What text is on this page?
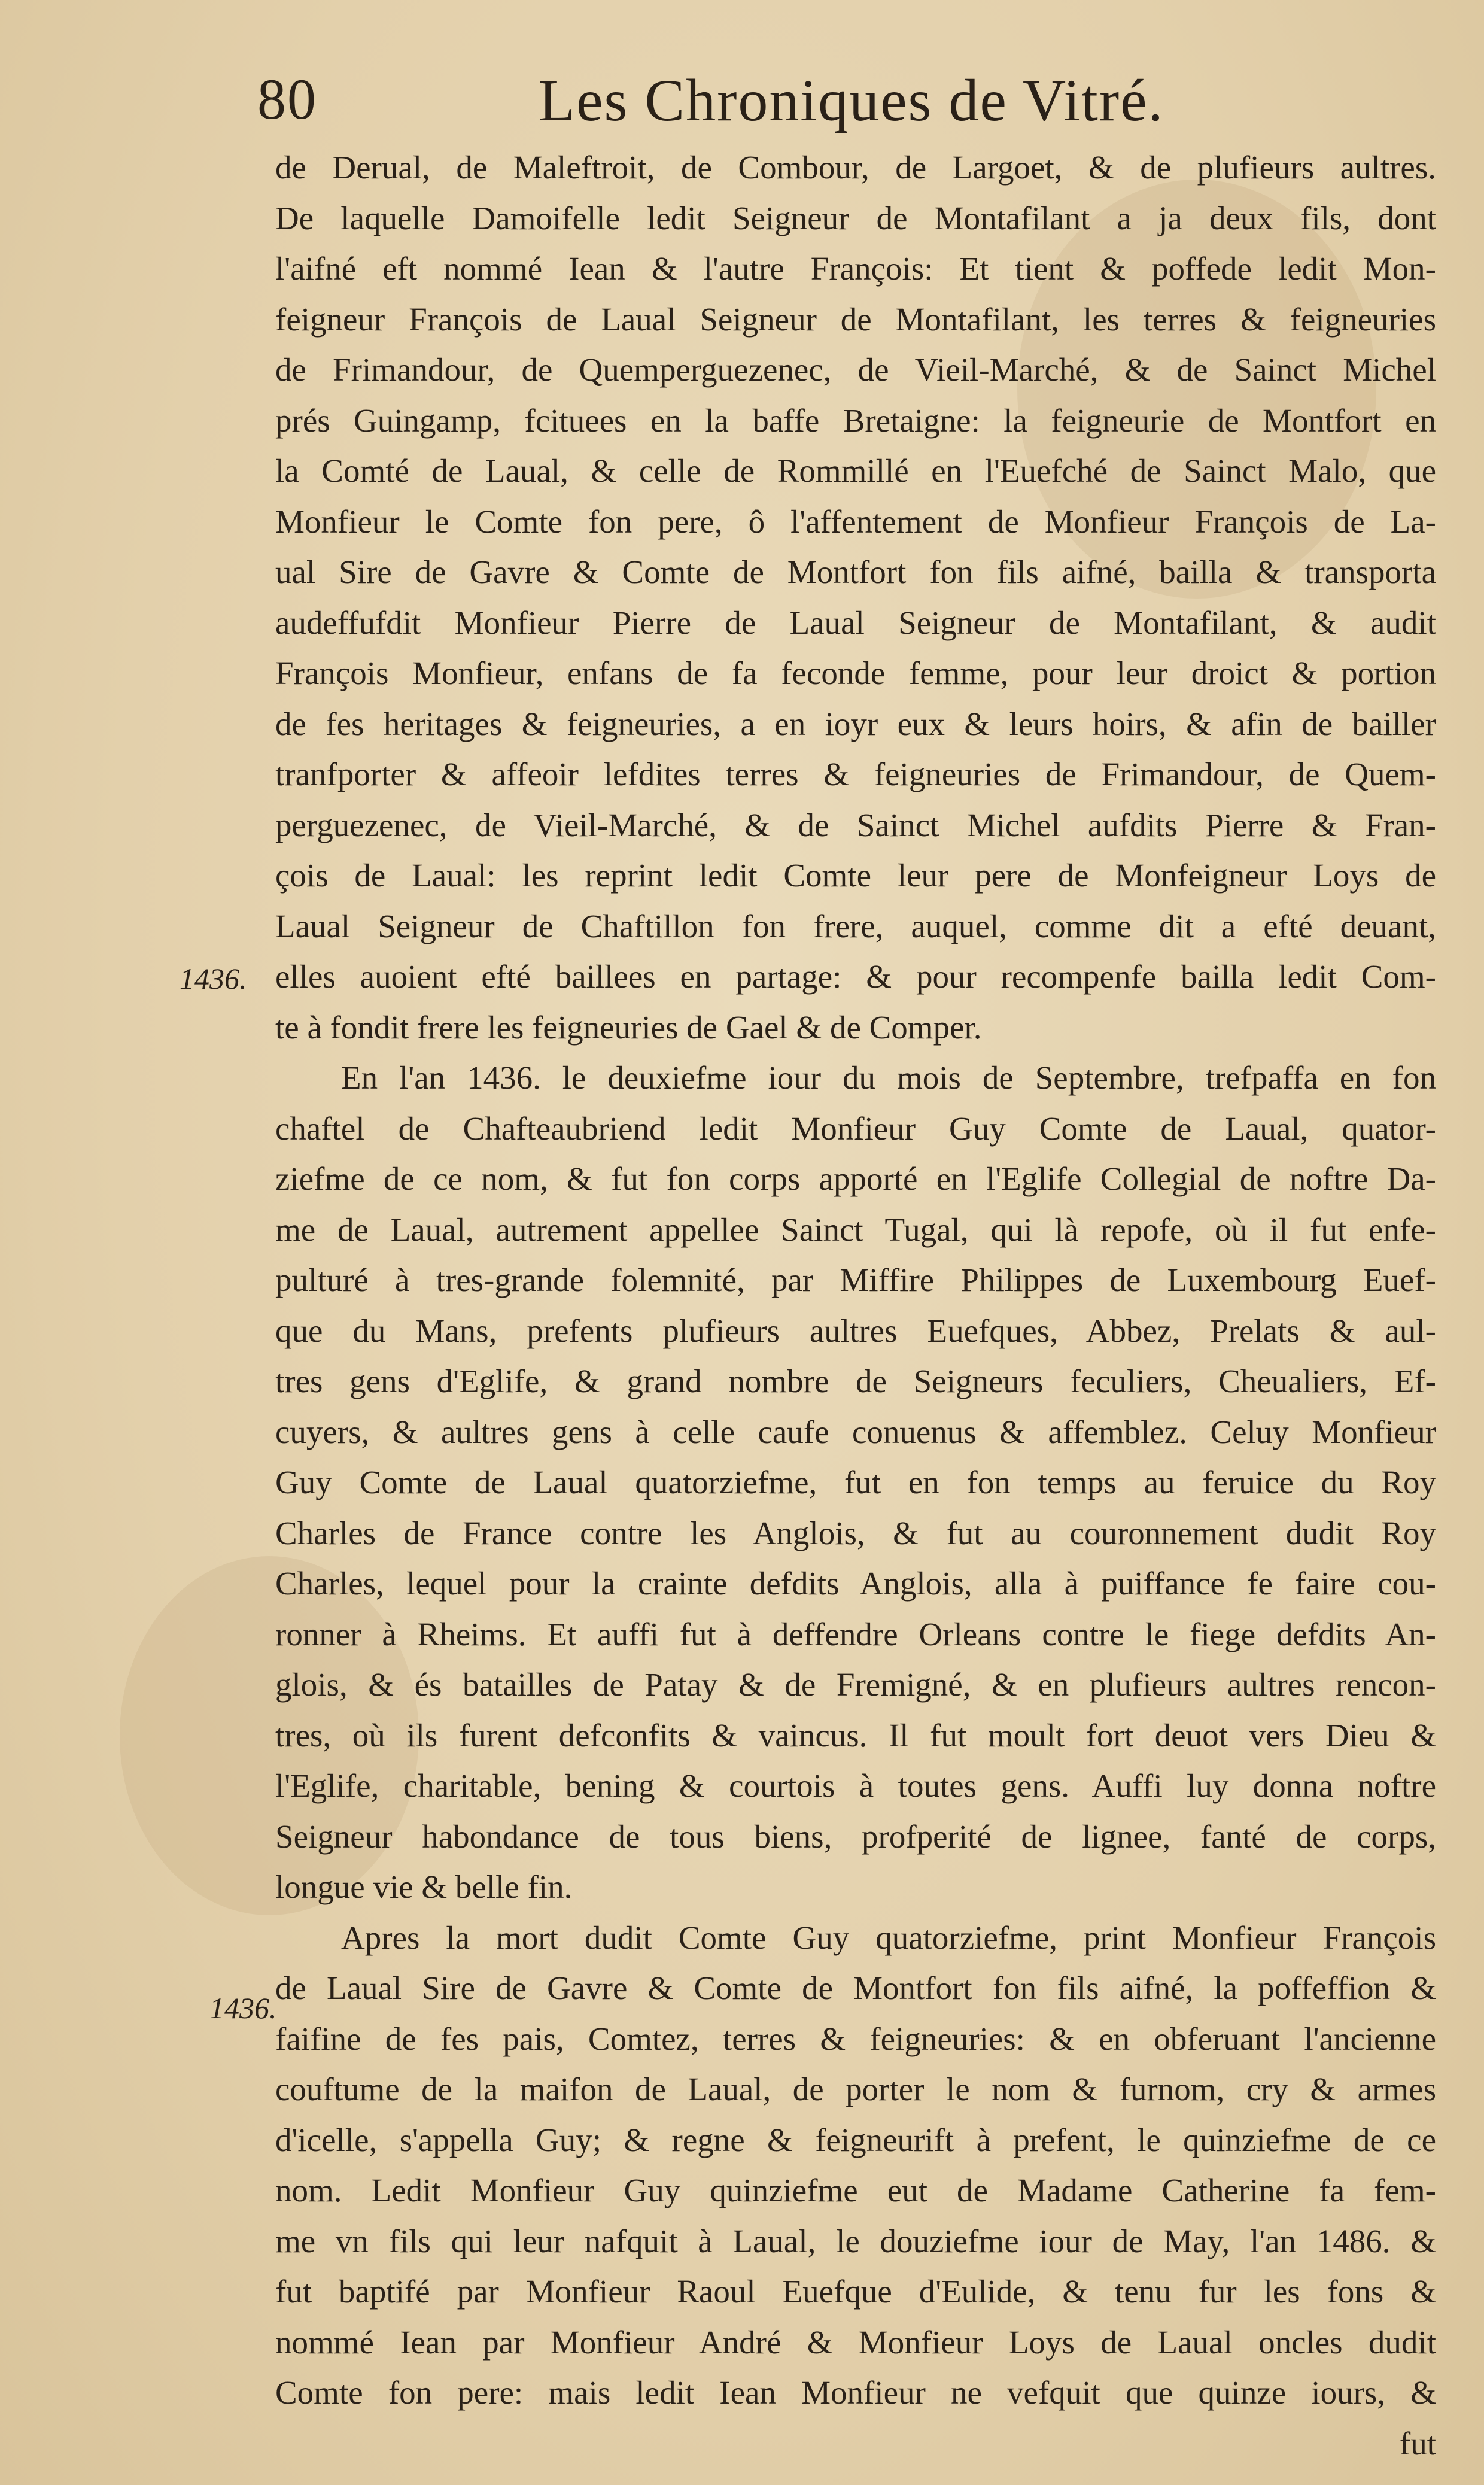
80	Les Chroniques de Vitré.
1436.
1436.
de Derual, de Maleftroit, de Combour, de Largoet, & de plufieurs aultres.
De laquelle Damoifelle ledit Seigneur de Montafilant a ja deux fils, dont
l'aifné eft nommé Iean & l'autre François: Et tient & poffede ledit Mon-
feigneur François de Laual Seigneur de Montafilant, les terres & feigneuries
de Frimandour, de Quemperguezenec, de Vieil-Marché, & de Sainct Michel
prés Guingamp, fcituees en la baffe Bretaigne: la feigneurie de Montfort en
la Comté de Laual, & celle de Rommillé en l'Euefché de Sainct Malo, que
Monfieur le Comte fon pere, ô l'affentement de Monfieur François de La-
ual Sire de Gavre & Comte de Montfort fon fils aifné, bailla & transporta
audeffufdit Monfieur Pierre de Laual Seigneur de Montafilant, & audit
François Monfieur, enfans de fa feconde femme, pour leur droict & portion
de fes heritages & feigneuries, a en ioyr eux & leurs hoirs, & afin de bailler
tranfporter & affeoir lefdites terres & feigneuries de Frimandour, de Quem-
perguezenec, de Vieil-Marché, & de Sainct Michel aufdits Pierre & Fran-
çois de Laual: les reprint ledit Comte leur pere de Monfeigneur Loys de
Laual Seigneur de Chaftillon fon frere, auquel, comme dit a efté deuant,
elles auoient efté baillees en partage: & pour recompenfe bailla ledit Com-
te à fondit frere les feigneuries de Gael & de Comper.
En l'an 1436. le deuxiefme iour du mois de Septembre, trefpaffa en fon
chaftel de Chafteaubriend ledit Monfieur Guy Comte de Laual, quator-
ziefme de ce nom, & fut fon corps apporté en l'Eglife Collegial de noftre Da-
me de Laual, autrement appellee Sainct Tugal, qui là repofe, où il fut enfe-
pulturé à tres-grande folemnité, par Miffire Philippes de Luxembourg Euef-
que du Mans, prefents plufieurs aultres Euefques, Abbez, Prelats & aul-
tres gens d'Eglife, & grand nombre de Seigneurs feculiers, Cheualiers, Ef-
cuyers, & aultres gens à celle caufe conuenus & affemblez. Celuy Monfieur
Guy Comte de Laual quatorziefme, fut en fon temps au feruice du Roy
Charles de France contre les Anglois, & fut au couronnement dudit Roy
Charles, lequel pour la crainte defdits Anglois, alla à puiffance fe faire cou-
ronner à Rheims. Et auffi fut à deffendre Orleans contre le fiege defdits An-
glois, & és batailles de Patay & de Fremigné, & en plufieurs aultres rencon-
tres, où ils furent defconfits & vaincus. Il fut moult fort deuot vers Dieu &
l'Eglife, charitable, bening & courtois à toutes gens. Auffi luy donna noftre
Seigneur habondance de tous biens, profperité de lignee, fanté de corps,
longue vie & belle fin.
Apres la mort dudit Comte Guy quatorziefme, print Monfieur François
de Laual Sire de Gavre & Comte de Montfort fon fils aifné, la poffeffion &
faifine de fes pais, Comtez, terres & feigneuries: & en obferuant l'ancienne
couftume de la maifon de Laual, de porter le nom & furnom, cry & armes
d'icelle, s'appella Guy; & regne & feigneurift à prefent, le quinziefme de ce
nom. Ledit Monfieur Guy quinziefme eut de Madame Catherine fa fem-
me vn fils qui leur nafquit à Laual, le douziefme iour de May, l'an 1486. &
fut baptifé par Monfieur Raoul Euefque d'Eulide, & tenu fur les fons &
nommé Iean par Monfieur André & Monfieur Loys de Laual oncles dudit
Comte fon pere: mais ledit Iean Monfieur ne vefquit que quinze iours, &
fut
